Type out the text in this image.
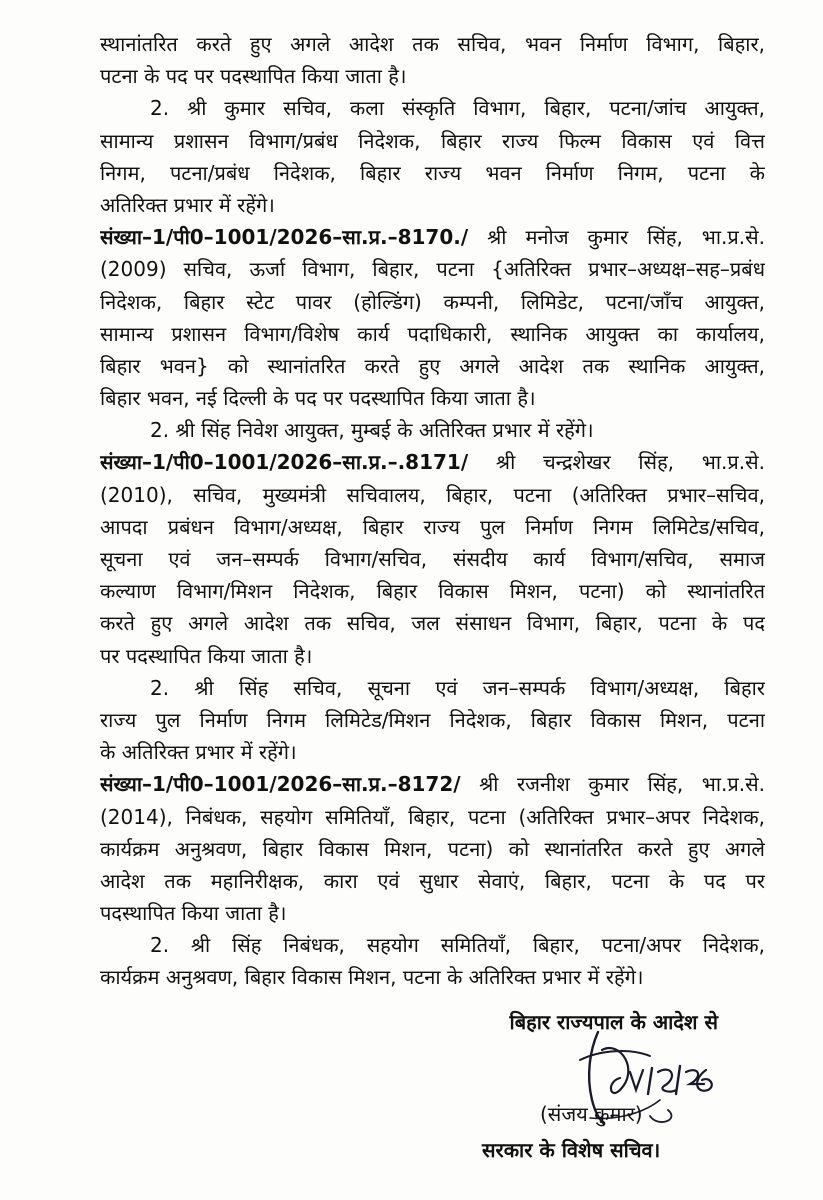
स्थानांतरित करते हुए अगले आदेश तक सचिव, भवन निर्माण विभाग, बिहार,
पटना के पद पर पदस्थापित किया जाता है।
2. श्री कुमार सचिव, कला संस्कृति विभाग, बिहार, पटना/जांच आयुक्त,
सामान्य प्रशासन विभाग/प्रबंध निदेशक, बिहार राज्य फिल्म विकास एवं वित्त
निगम, पटना/प्रबंध निदेशक, बिहार राज्य भवन निर्माण निगम, पटना के
अतिरिक्त प्रभार में रहेंगे।
संख्या–1/पी0–1001/2026–सा.प्र.–8170./ श्री मनोज कुमार सिंह, भा.प्र.से.
(2009) सचिव, ऊर्जा विभाग, बिहार, पटना {अतिरिक्त प्रभार–अध्यक्ष–सह–प्रबंध
निदेशक, बिहार स्टेट पावर (होल्डिंग) कम्पनी, लिमिडेट, पटना/जाँच आयुक्त,
सामान्य प्रशासन विभाग/विशेष कार्य पदाधिकारी, स्थानिक आयुक्त का कार्यालय,
बिहार भवन} को स्थानांतरित करते हुए अगले आदेश तक स्थानिक आयुक्त,
बिहार भवन, नई दिल्ली के पद पर पदस्थापित किया जाता है।
2. श्री सिंह निवेश आयुक्त, मुम्बई के अतिरिक्त प्रभार में रहेंगे।
संख्या–1/पी0–1001/2026–सा.प्र.–.8171/ श्री चन्द्रशेखर सिंह, भा.प्र.से.
(2010), सचिव, मुख्यमंत्री सचिवालय, बिहार, पटना (अतिरिक्त प्रभार–सचिव,
आपदा प्रबंधन विभाग/अध्यक्ष, बिहार राज्य पुल निर्माण निगम लिमिटेड/सचिव,
सूचना एवं जन–सम्पर्क विभाग/सचिव, संसदीय कार्य विभाग/सचिव, समाज
कल्याण विभाग/मिशन निदेशक, बिहार विकास मिशन, पटना) को स्थानांतरित
करते हुए अगले आदेश तक सचिव, जल संसाधन विभाग, बिहार, पटना के पद
पर पदस्थापित किया जाता है।
2. श्री सिंह सचिव, सूचना एवं जन–सम्पर्क विभाग/अध्यक्ष, बिहार
राज्य पुल निर्माण निगम लिमिटेड/मिशन निदेशक, बिहार विकास मिशन, पटना
के अतिरिक्त प्रभार में रहेंगे।
संख्या–1/पी0–1001/2026–सा.प्र.–8172/ श्री रजनीश कुमार सिंह, भा.प्र.से.
(2014), निबंधक, सहयोग समितियाँ, बिहार, पटना (अतिरिक्त प्रभार–अपर निदेशक,
कार्यक्रम अनुश्रवण, बिहार विकास मिशन, पटना) को स्थानांतरित करते हुए अगले
आदेश तक महानिरीक्षक, कारा एवं सुधार सेवाएं, बिहार, पटना के पद पर
पदस्थापित किया जाता है।
2. श्री सिंह निबंधक, सहयोग समितियाँ, बिहार, पटना/अपर निदेशक,
कार्यक्रम अनुश्रवण, बिहार विकास मिशन, पटना के अतिरिक्त प्रभार में रहेंगे।
बिहार राज्यपाल के आदेश से
(संजय कुमार)
सरकार के विशेष सचिव।
